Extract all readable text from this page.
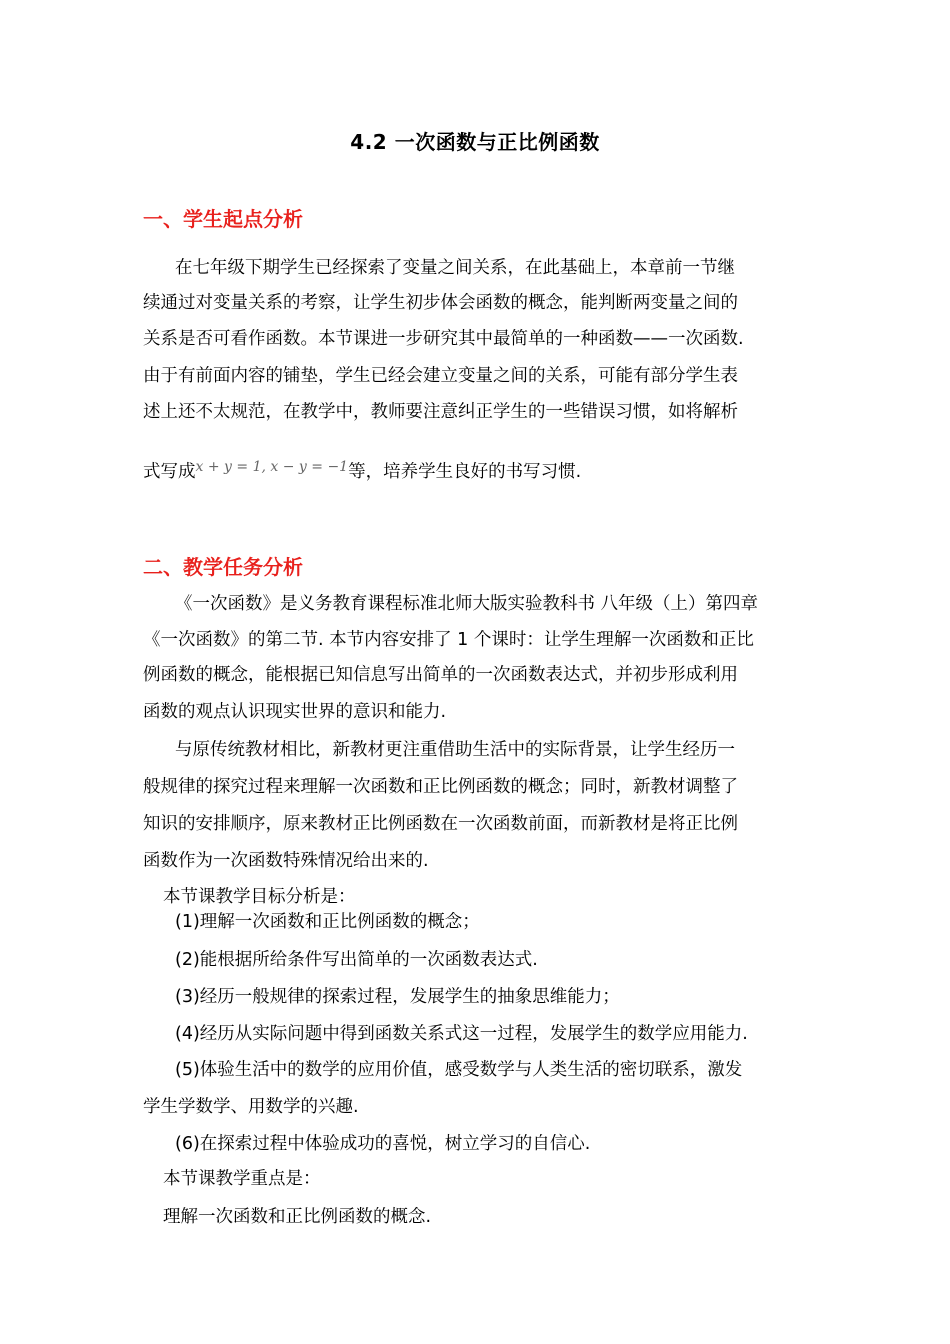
4.2 一次函数与正比例函数
一、学生起点分析
在七年级下期学生已经探索了变量之间关系，在此基础上，本章前一节继
续通过对变量关系的考察，让学生初步体会函数的概念，能判断两变量之间的
关系是否可看作函数。本节课进一步研究其中最简单的一种函数——一次函数.
由于有前面内容的铺垫，学生已经会建立变量之间的关系，可能有部分学生表
述上还不太规范，在教学中，教师要注意纠正学生的一些错误习惯，如将解析
式写成$^{x + y = 1, x - y = -1}$等，培养学生良好的书写习惯.
二、教学任务分析
《一次函数》是义务教育课程标准北师大版实验教科书 八年级（上）第四章
《一次函数》的第二节. 本节内容安排了 1 个课时：让学生理解一次函数和正比
例函数的概念，能根据已知信息写出简单的一次函数表达式，并初步形成利用
函数的观点认识现实世界的意识和能力.
与原传统教材相比，新教材更注重借助生活中的实际背景，让学生经历一
般规律的探究过程来理解一次函数和正比例函数的概念；同时，新教材调整了
知识的安排顺序，原来教材正比例函数在一次函数前面，而新教材是将正比例
函数作为一次函数特殊情况给出来的.
本节课教学目标分析是：
(1)理解一次函数和正比例函数的概念；
(2)能根据所给条件写出简单的一次函数表达式.
(3)经历一般规律的探索过程，发展学生的抽象思维能力；
(4)经历从实际问题中得到函数关系式这一过程，发展学生的数学应用能力.
(5)体验生活中的数学的应用价值，感受数学与人类生活的密切联系，激发
学生学数学、用数学的兴趣.
(6)在探索过程中体验成功的喜悦，树立学习的自信心.
本节课教学重点是：
理解一次函数和正比例函数的概念.
